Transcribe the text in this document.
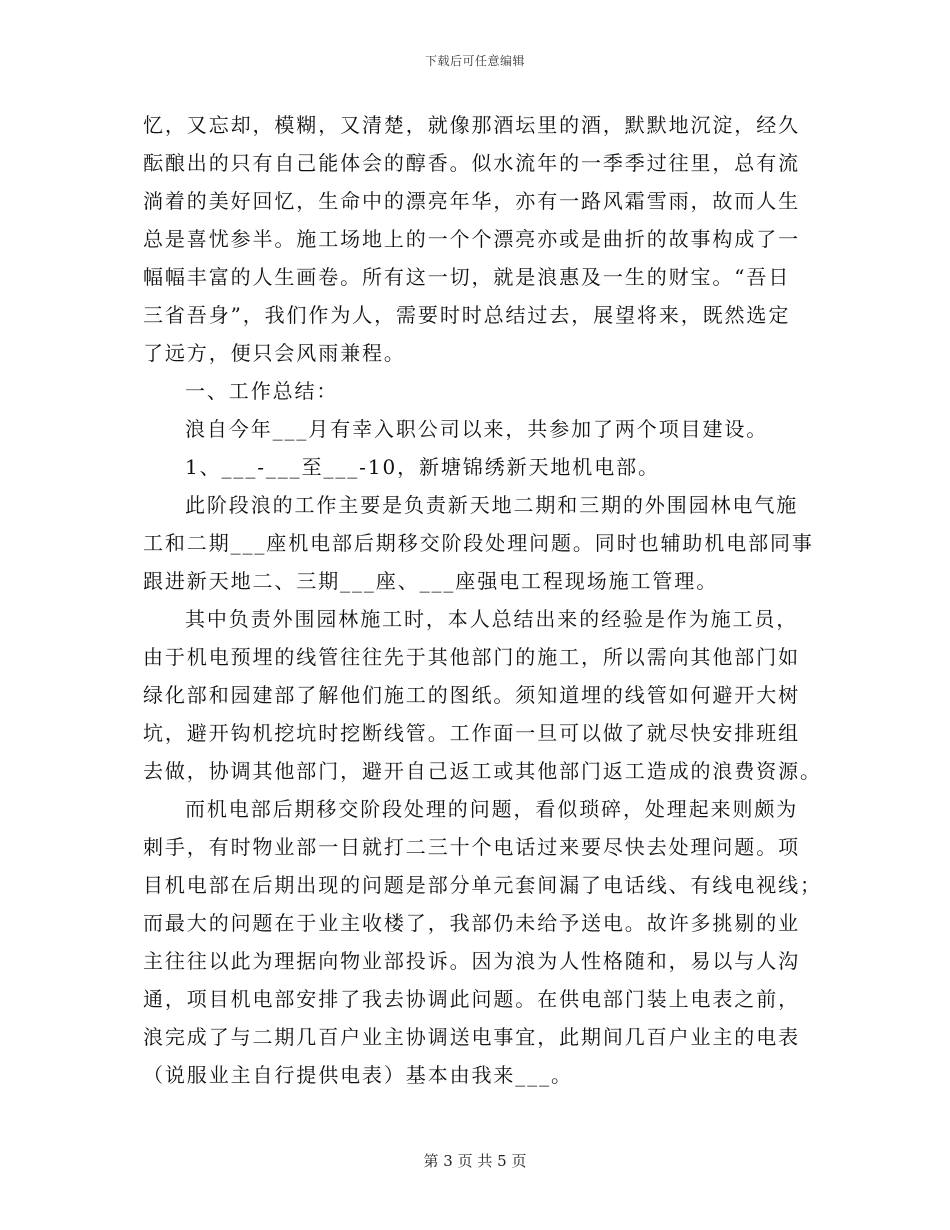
下载后可任意编辑
忆，又忘却，模糊，又清楚，就像那酒坛里的酒，默默地沉淀，经久
酝酿出的只有自己能体会的醇香。似水流年的一季季过往里，总有流
淌着的美好回忆，生命中的漂亮年华，亦有一路风霜雪雨，故而人生
总是喜忧参半。施工场地上的一个个漂亮亦或是曲折的故事构成了一
幅幅丰富的人生画卷。所有这一切，就是浪惠及一生的财宝。“吾日
三省吾身”，我们作为人，需要时时总结过去，展望将来，既然选定
了远方，便只会风雨兼程。
一、工作总结：
浪自今年___月有幸入职公司以来，共参加了两个项目建设。
1、___-___至___-10，新塘锦绣新天地机电部。
此阶段浪的工作主要是负责新天地二期和三期的外围园林电气施
工和二期___座机电部后期移交阶段处理问题。同时也辅助机电部同事
跟进新天地二、三期___座、___座强电工程现场施工管理。
其中负责外围园林施工时，本人总结出来的经验是作为施工员，
由于机电预埋的线管往往先于其他部门的施工，所以需向其他部门如
绿化部和园建部了解他们施工的图纸。须知道埋的线管如何避开大树
坑，避开钩机挖坑时挖断线管。工作面一旦可以做了就尽快安排班组
去做，协调其他部门，避开自己返工或其他部门返工造成的浪费资源。
而机电部后期移交阶段处理的问题，看似琐碎，处理起来则颇为
刺手，有时物业部一日就打二三十个电话过来要尽快去处理问题。项
目机电部在后期出现的问题是部分单元套间漏了电话线、有线电视线；
而最大的问题在于业主收楼了，我部仍未给予送电。故许多挑剔的业
主往往以此为理据向物业部投诉。因为浪为人性格随和，易以与人沟
通，项目机电部安排了我去协调此问题。在供电部门装上电表之前，
浪完成了与二期几百户业主协调送电事宜，此期间几百户业主的电表
（说服业主自行提供电表）基本由我来___。
第 3 页 共 5 页
